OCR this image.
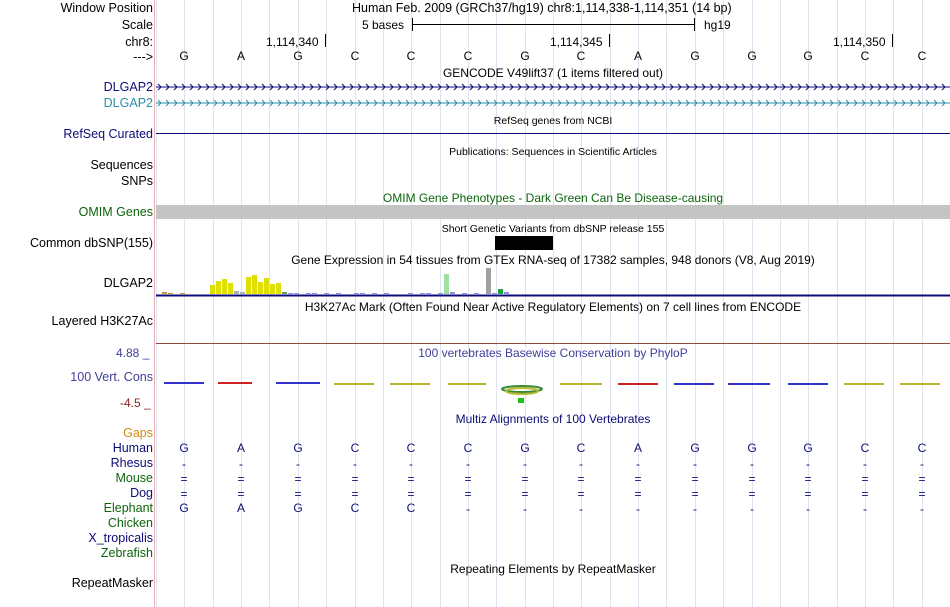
Window Position	Human Feb. 2009 (GRCh37/hg19) chr8:1,114,338-1,114,351 (14 bp)
Scale	5 bases	hg19
chr8:	1,114,340	1,114,345	1,114,350
--->	G	A	G	C	C	C	G	C	A	G	G	G	C	C
GENCODE V49lift37 (1 items filtered out)
DLGAP2
DLGAP2
RefSeq genes from NCBI
RefSeq Curated
Publications: Sequences in Scientific Articles
Sequences
SNPs
OMIM Gene Phenotypes - Dark Green Can Be Disease-causing
OMIM Genes
Short Genetic Variants from dbSNP release 155
Common dbSNP(155)
Gene Expression in 54 tissues from GTEx RNA-seq of 17382 samples, 948 donors (V8, Aug 2019)
DLGAP2
H3K27Ac Mark (Often Found Near Active Regulatory Elements) on 7 cell lines from ENCODE
Layered H3K27Ac
100 vertebrates Basewise Conservation by PhyloP
4.88 _
100 Vert. Cons
-4.5 _
Multiz Alignments of 100 Vertebrates
Gaps
Human	G	A	G	C	C	C	G	C	A	G	G	G	C	C
Rhesus	-	-	-	-	-	-	-	-	-	-	-	-	-	-
Mouse	=	=	=	=	=	=	=	=	=	=	=	=	=	=
Dog	=	=	=	=	=	=	=	=	=	=	=	=	=	=
Elephant	G	A	G	C	C	-	-	-	-	-	-	-	-	-
Chicken
X_tropicalis
Zebrafish
Repeating Elements by RepeatMasker
RepeatMasker
